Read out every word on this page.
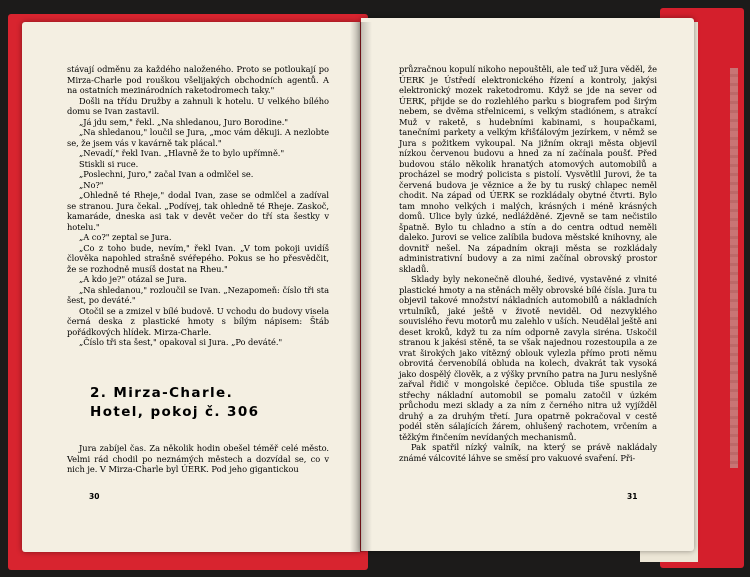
stávají odměnu za každého naloženého. Proto se potloukají po Mirza-Charle pod rouškou všelijakých obchodních agentů. A na ostatních mezinárodních raketodromech taky."

Došli na třídu Družby a zahnuli k hotelu. U velkého bílého domu se Ivan zastavil.

„Já jdu sem," řekl. „Na shledanou, Juro Borodine."

„Na shledanou," loučil se Jura, „moc vám děkuji. A nezlobte se, že jsem vás v kavárně tak plácal."

„Nevadí," řekl Ivan. „Hlavně že to bylo upřímně."

Stiskli si ruce.

„Poslechni, Juro," začal Ivan a odmlčel se.

„No?"

„Ohledně té Rheje," dodal Ivan, zase se odmlčel a zadíval se stranou. Jura čekal. „Podívej, tak ohledně té Rheje. Zaskoč, kamaráde, dneska asi tak v devět večer do tří sta šestky v hotelu."

„A co?" zeptal se Jura.

„Co z toho bude, nevím," řekl Ivan. „V tom pokoji uvidíš člověka napohled strašně svéřepého. Pokus se ho přesvědčit, že se rozhodně musíš dostat na Rheu."

„A kdo je?" otázal se Jura.

„Na shledanou," rozloučil se Ivan. „Nezapomeň: číslo tři sta šest, po deváté."

Otočil se a zmizel v bílé budově. U vchodu do budovy visela černá deska z plastické hmoty s bílým nápisem: Štáb pořádkových hlídek. Mirza-Charle.

„Číslo tři sta šest," opakoval si Jura. „Po deváté."

2. Mirza-Charle.
Hotel, pokoj č. 306

Jura zabíjel čas. Za několik hodin obešel téměř celé město. Velmi rád chodil po neznámých městech a dozvídal se, co v nich je. V Mirza-Charle byl ÚERK. Pod jeho gigantickou

30

průzračnou kopulí nikoho nepouštěli, ale teď už Jura věděl, že ÚERK je Ústředí elektronického řízení a kontroly, jakýsi elektronický mozek raketodromu. Když se jde na sever od ÚERK, přijde se do rozlehlého parku s biografem pod širým nebem, se dvěma střelnicemi, s velkým stadiónem, s atrakcí Muž v raketě, s hudebními kabinami, s houpačkami, tanečními parkety a velkým křišťálovým jezírkem, v němž se Jura s požitkem vykoupal. Na jižním okraji města objevil nízkou červenou budovu a hned za ní začínala poušť. Před budovou stálo několik hranatých atomových automobilů a procházel se modrý policista s pistolí. Vysvětlil Jurovi, že ta červená budova je věznice a že by tu ruský chlapec neměl chodit. Na západ od ÚERK se rozkládaly obytné čtvrti. Bylo tam mnoho velkých i malých, krásných i méně krásných domů. Ulice byly úzké, nedlážděné. Zjevně se tam nečistilo špatně. Bylo tu chladno a stín a do centra odtud neměli daleko. Jurovi se velice zalíbila budova městské knihovny, ale dovnitř nešel. Na západním okraji města se rozkládaly administrativní budovy a za nimi začínal obrovský prostor skladů.

Sklady byly nekonečně dlouhé, šedivé, vystavěné z vlnité plastické hmoty a na stěnách měly obrovské bílé čísla. Jura tu objevil takové množství nákladních automobilů a nákladních vrtulníků, jaké ještě v životě neviděl. Od nezvyklého souvislého řevu motorů mu zalehlo v uších. Neudělal ještě ani deset kroků, když tu za ním odporně zavyla siréna. Uskočil stranou k jakési stěně, ta se však najednou rozestoupila a ze vrat širokých jako vítězný oblouk vylezla přímo proti němu obrovitá červenobílá obluda na kolech, dvakrát tak vysoká jako dospělý člověk, a z výšky prvního patra na Juru neslyšně zařval řidič v mongolské čepičce. Obluda tiše spustila ze střechy nákladní automobil se pomalu zatočil v úzkém průchodu mezi sklady a za ním z černého nitra už vyjížděl druhý a za druhým třetí. Jura opatrně pokračoval v cestě podél stěn sálajících žárem, ohlušený rachotem, vrčením a těžkým řinčením nevídaných mechanismů.

Pak spatřil nízký valník, na který se právě nakládaly známé válcovité láhve se směsí pro vakuové svaření. Při-

31
